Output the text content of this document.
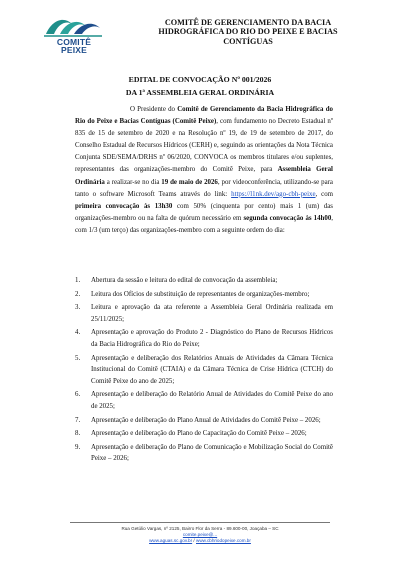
COMITÊ
PEIXE
COMITÊ DE GERENCIAMENTO DA BACIA HIDROGRÁFICA DO RIO DO PEIXE E BACIAS CONTÍGUAS
EDITAL DE CONVOCAÇÃO Nº 001/2026
DA 1ª ASSEMBLEIA GERAL ORDINÁRIA

O Presidente do Comitê de Gerenciamento da Bacia Hidrográfica do Rio do Peixe e Bacias Contíguas (Comitê Peixe), com fundamento no Decreto Estadual nº 835 de 15 de setembro de 2020 e na Resolução nº 19, de 19 de setembro de 2017, do Conselho Estadual de Recursos Hídricos (CERH) e, seguindo as orientações da Nota Técnica Conjunta SDE/SEMA/DRHS nº 06/2020, CONVOCA os membros titulares e/ou suplentes, representantes das organizações-membro do Comitê Peixe, para Assembleia Geral Ordinária a realizar-se no dia 19 de maio de 2026, por videoconferência, utilizando-se para tanto o software Microsoft Teams através do link: https://l1nk.dev/ago-cbh-peixe, com primeira convocação às 13h30 com 50% (cinquenta por cento) mais 1 (um) das organizações-membro ou na falta de quórum necessário em segunda convocação às 14h00, com 1/3 (um terço) das organizações-membro com a seguinte ordem do dia:

1. Abertura da sessão e leitura do edital de convocação da assembleia;
2. Leitura dos Ofícios de substituição de representantes de organizações-membro;
3. Leitura e aprovação da ata referente a Assembleia Geral Ordinária realizada em 25/11/2025;
4. Apresentação e aprovação do Produto 2 - Diagnóstico do Plano de Recursos Hídricos da Bacia Hidrográfica do Rio do Peixe;
5. Apresentação e deliberação dos Relatórios Anuais de Atividades da Câmara Técnica Institucional do Comitê (CTAIA) e da Câmara Técnica de Crise Hídrica (CTCH) do Comitê Peixe do ano de 2025;
6. Apresentação e deliberação do Relatório Anual de Atividades do Comitê Peixe do ano de 2025;
7. Apresentação e deliberação do Plano Anual de Atividades do Comitê Peixe – 2026;
8. Apresentação e deliberação do Plano de Capacitação do Comitê Peixe – 2026;
9. Apresentação e deliberação do Plano de Comunicação e Mobilização Social do Comitê Peixe – 2026;
Rua Getúlio Vargas, nº 2125, Bairro Flor da Serra - 89.600-00, Joaçaba – SC
comite.peixe@...
www.aguas.sc.gov.br / www.cbhriodopeixe.com.br
